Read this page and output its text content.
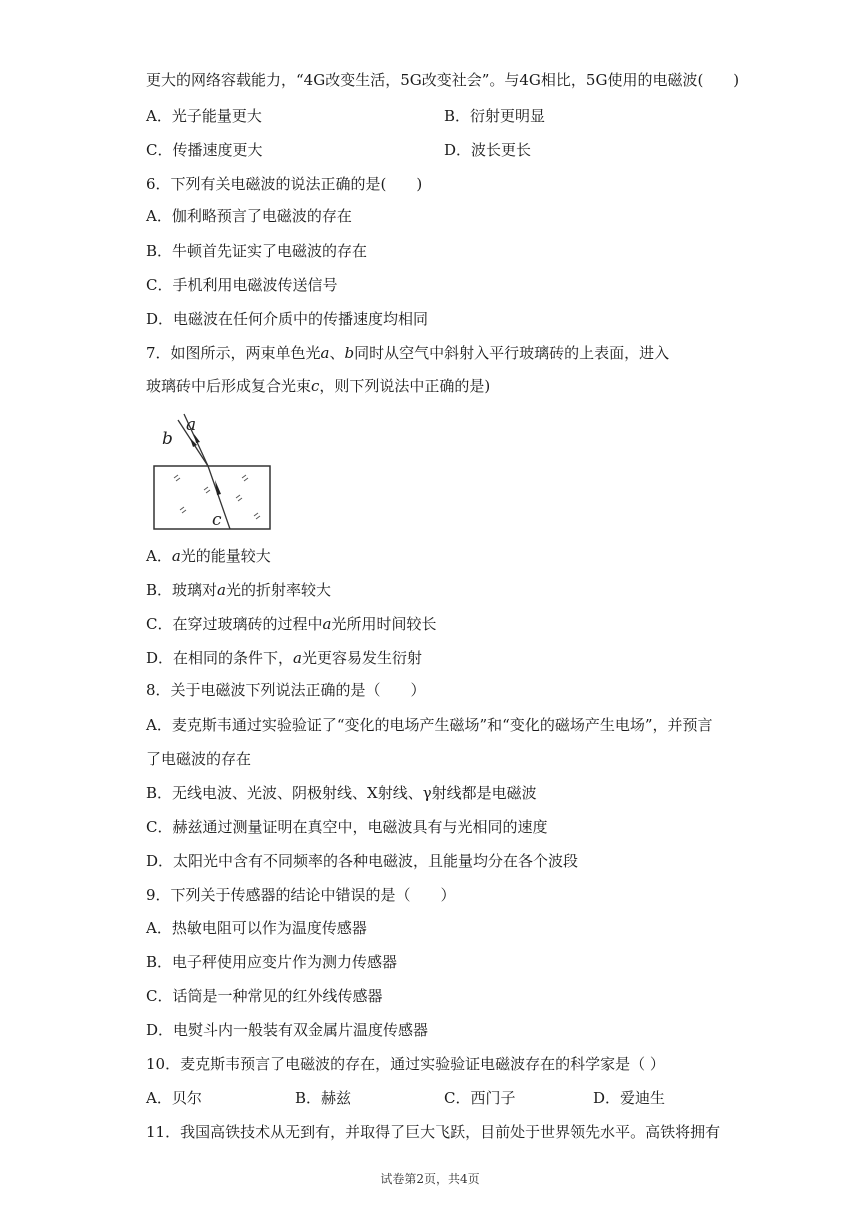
更大的网络容载能力，“4G改变生活，5G改变社会”。与4G相比，5G使用的电磁波(　　)
A．光子能量更大	B．衍射更明显
C．传播速度更大	D．波长更长
6．下列有关电磁波的说法正确的是(　　)
A．伽利略预言了电磁波的存在
B．牛顿首先证实了电磁波的存在
C．手机利用电磁波传送信号
D．电磁波在任何介质中的传播速度均相同
7．如图所示，两束单色光a、b同时从空气中斜射入平行玻璃砖的上表面，进入
玻璃砖中后形成复合光束c，则下列说法中正确的是)
a
b
c
A．a光的能量较大
B．玻璃对a光的折射率较大
C．在穿过玻璃砖的过程中a光所用时间较长
D．在相同的条件下，a光更容易发生衍射
8．关于电磁波下列说法正确的是（　　）
A．麦克斯韦通过实验验证了“变化的电场产生磁场”和“变化的磁场产生电场”，并预言
了电磁波的存在
B．无线电波、光波、阴极射线、X射线、γ射线都是电磁波
C．赫兹通过测量证明在真空中，电磁波具有与光相同的速度
D．太阳光中含有不同频率的各种电磁波，且能量均分在各个波段
9．下列关于传感器的结论中错误的是（　　）
A．热敏电阻可以作为温度传感器
B．电子秤使用应变片作为测力传感器
C．话筒是一种常见的红外线传感器
D．电熨斗内一般装有双金属片温度传感器
10．麦克斯韦预言了电磁波的存在，通过实验验证电磁波存在的科学家是（ ）
A．贝尔	B．赫兹	C．西门子	D．爱迪生
11．我国高铁技术从无到有，并取得了巨大飞跃，目前处于世界领先水平。高铁将拥有
试卷第2页，共4页
